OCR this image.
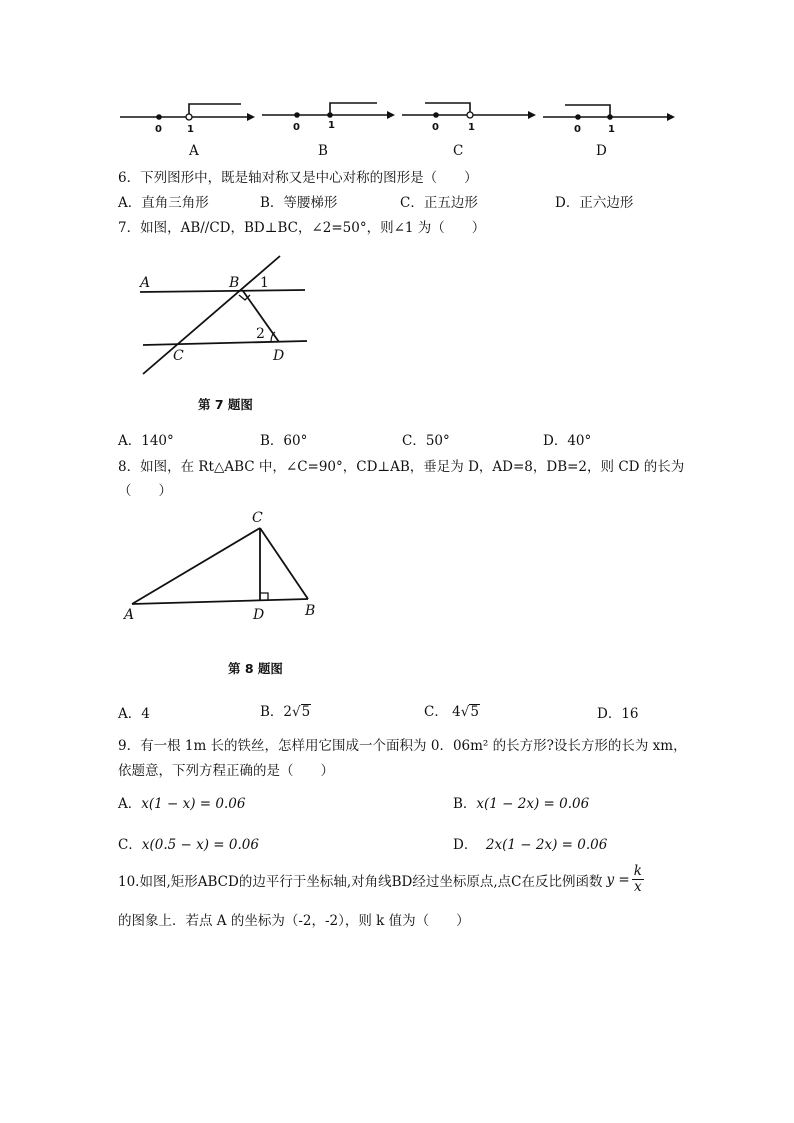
0	1	0	1	0	1	0	1
A	B	C	D
6．下列图形中，既是轴对称又是中心对称的图形是（　　）
A．直角三角形	B．等腰梯形	C．正五边形	D．正六边形
7．如图，AB//CD，BD⊥BC，∠2=50°，则∠1 为（　　）
A	B
C	D
1
2
第 7 题图
A．140°	B．60°	C．50°	D．40°
8．如图，在 Rt△ABC 中，∠C=90°，CD⊥AB，垂足为 D，AD=8，DB=2，则 CD 的长为
（　　）
C
A	D	B
第 8 题图
A．4	B．2√5	C． 4√5	D．16
9．有一根 1m 长的铁丝，怎样用它围成一个面积为 0．06m² 的长方形?设长方形的长为 xm，
依题意，下列方程正确的是（　　）
A．x(1 − x) = 0.06	B．x(1 − 2x) = 0.06
C．x(0.5 − x) = 0.06	D． 2x(1 − 2x) = 0.06
10.如图,矩形ABCD的边平行于坐标轴,对角线BD经过坐标原点,点C在反比例函数 $y = \frac{k}{x}$
的图象上．若点 A 的坐标为（-2，-2），则 k 值为（　　）
